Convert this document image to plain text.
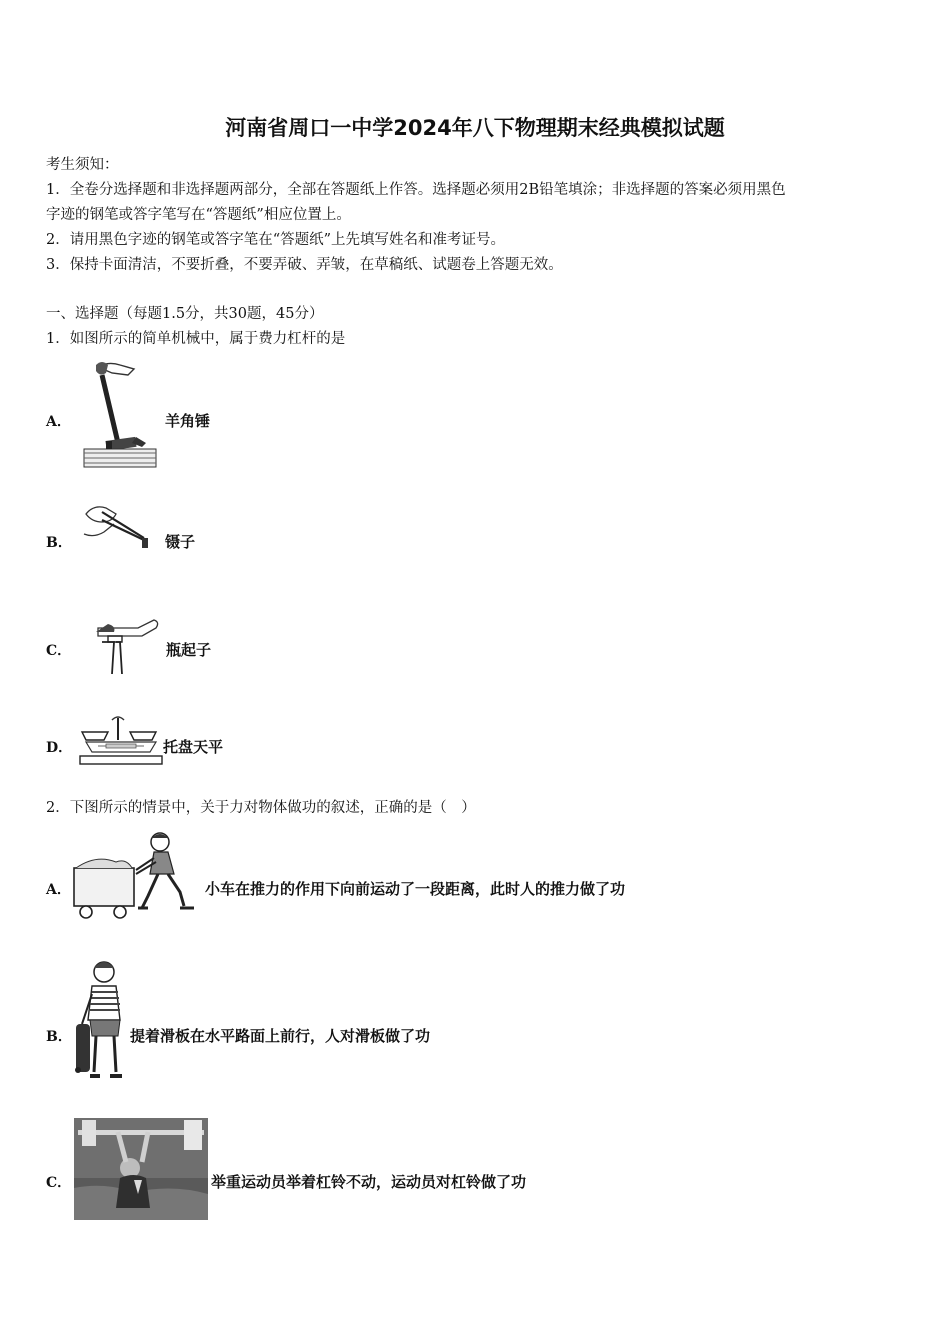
河南省周口一中学2024年八下物理期末经典模拟试题
考生须知：
1．全卷分选择题和非选择题两部分，全部在答题纸上作答。选择题必须用2B铅笔填涂；非选择题的答案必须用黑色
字迹的钢笔或答字笔写在“答题纸”相应位置上。
2．请用黑色字迹的钢笔或答字笔在“答题纸”上先填写姓名和准考证号。
3．保持卡面清洁，不要折叠，不要弄破、弄皱，在草稿纸、试题卷上答题无效。
一、选择题（每题1.5分，共30题，45分）
1．如图所示的简单机械中，属于费力杠杆的是
A．	羊角锤
B．	镊子
C．	瓶起子
D．	托盘天平
2．下图所示的情景中，关于力对物体做功的叙述，正确的是（　）
A．	小车在推力的作用下向前运动了一段距离，此时人的推力做了功
B．	提着滑板在水平路面上前行，人对滑板做了功
C．	举重运动员举着杠铃不动，运动员对杠铃做了功
